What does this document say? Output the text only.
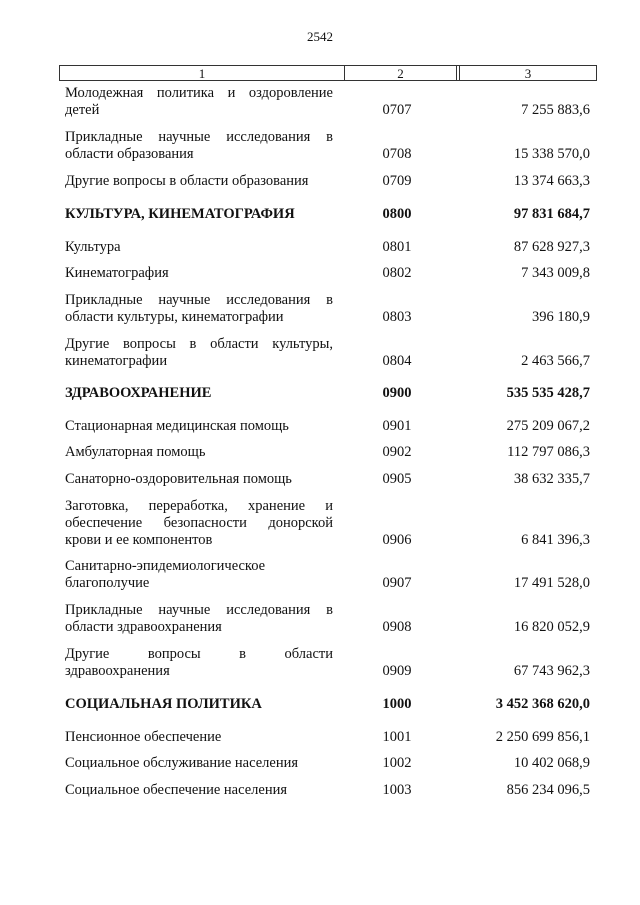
2542
1	2	3
Молодежная политика и оздоровление детей	0707	7 255 883,6
Прикладные научные исследования в области образования	0708	15 338 570,0
Другие вопросы в области образования	0709	13 374 663,3
КУЛЬТУРА, КИНЕМАТОГРАФИЯ	0800	97 831 684,7
Культура	0801	87 628 927,3
Кинематография	0802	7 343 009,8
Прикладные научные исследования в области культуры, кинематографии	0803	396 180,9
Другие вопросы в области культуры, кинематографии	0804	2 463 566,7
ЗДРАВООХРАНЕНИЕ	0900	535 535 428,7
Стационарная медицинская помощь	0901	275 209 067,2
Амбулаторная помощь	0902	112 797 086,3
Санаторно-оздоровительная помощь	0905	38 632 335,7
Заготовка, переработка, хранение и обеспечение безопасности донорской крови и ее компонентов	0906	6 841 396,3
Санитарно-эпидемиологическое благополучие	0907	17 491 528,0
Прикладные научные исследования в области здравоохранения	0908	16 820 052,9
Другие вопросы в области здравоохранения	0909	67 743 962,3
СОЦИАЛЬНАЯ ПОЛИТИКА	1000	3 452 368 620,0
Пенсионное обеспечение	1001	2 250 699 856,1
Социальное обслуживание населения	1002	10 402 068,9
Социальное обеспечение населения	1003	856 234 096,5
